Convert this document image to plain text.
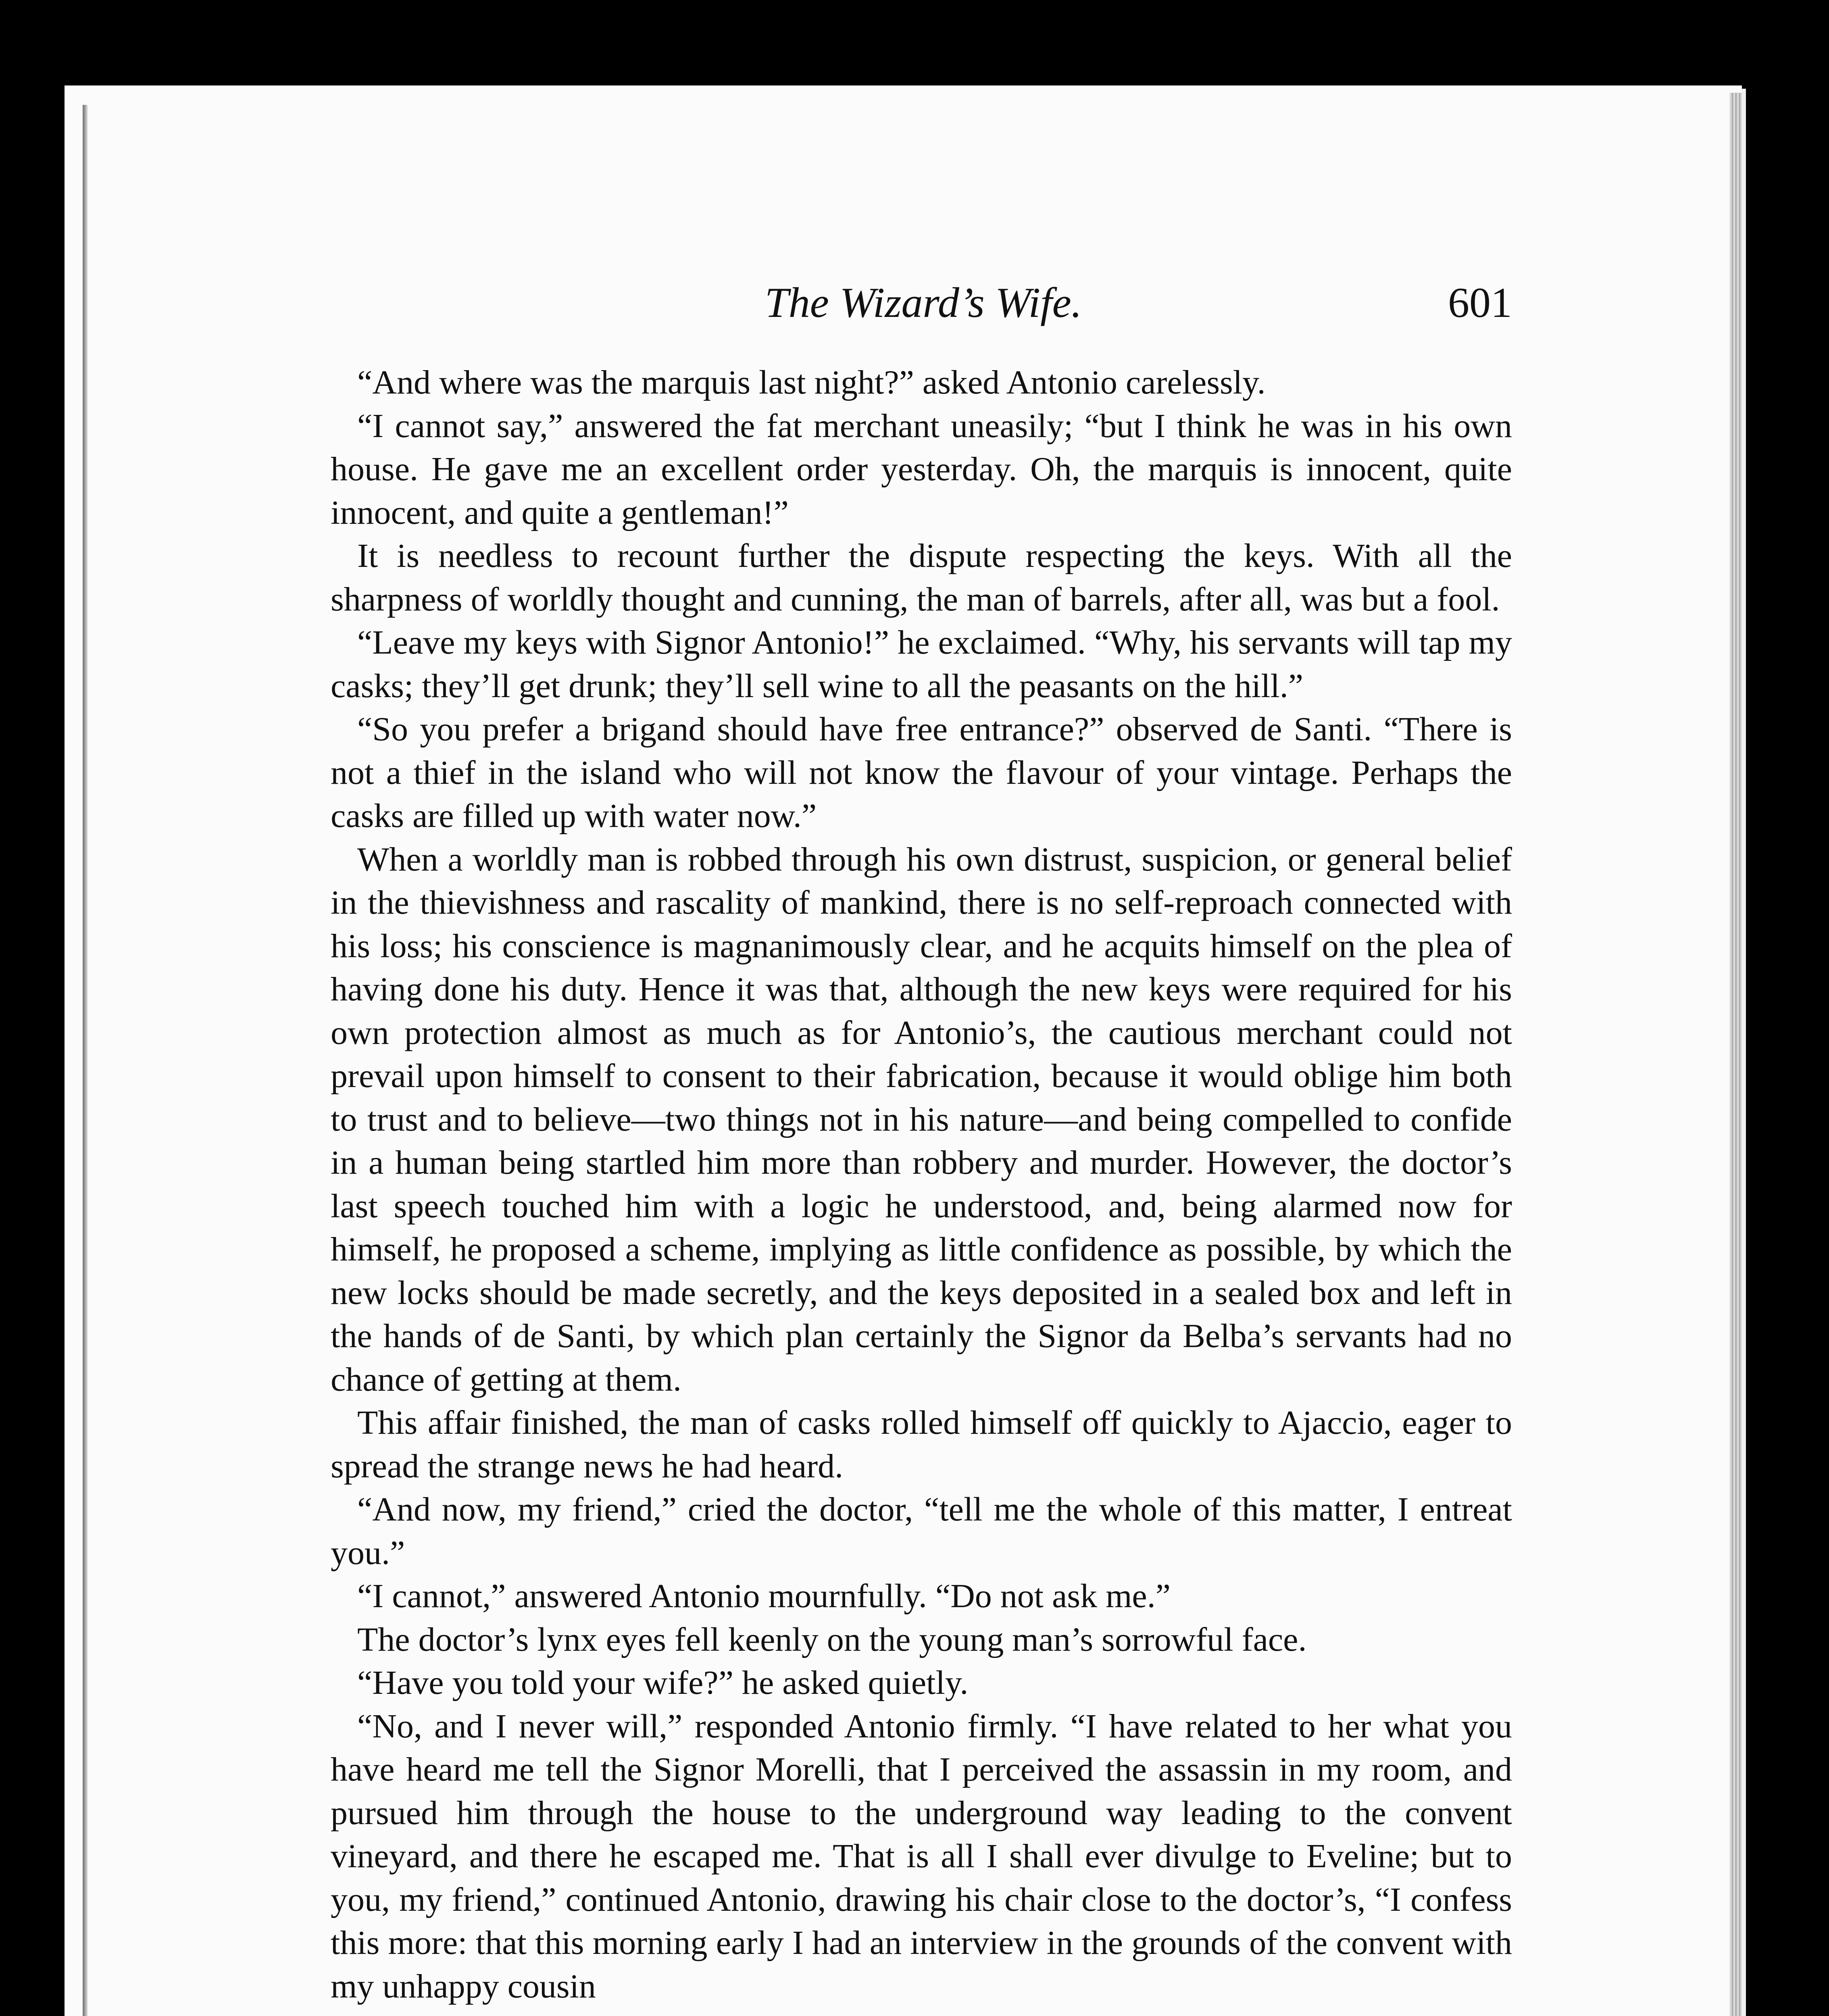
The Wizard’s Wife.	601

“And where was the marquis last night?” asked Antonio carelessly.

“I cannot say,” answered the fat merchant uneasily; “but I think he was in his own house. He gave me an excellent order yesterday. Oh, the marquis is innocent, quite innocent, and quite a gentleman!”

It is needless to recount further the dispute respecting the keys. With all the sharpness of worldly thought and cunning, the man of barrels, after all, was but a fool.

“Leave my keys with Signor Antonio!” he exclaimed. “Why, his servants will tap my casks; they’ll get drunk; they’ll sell wine to all the peasants on the hill.”

“So you prefer a brigand should have free entrance?” observed de Santi. “There is not a thief in the island who will not know the flavour of your vintage. Perhaps the casks are filled up with water now.”

When a worldly man is robbed through his own distrust, suspicion, or general belief in the thievishness and rascality of mankind, there is no self-reproach connected with his loss; his conscience is magnanimously clear, and he acquits himself on the plea of having done his duty. Hence it was that, although the new keys were required for his own protection almost as much as for Antonio’s, the cautious merchant could not prevail upon himself to consent to their fabrication, because it would oblige him both to trust and to believe—two things not in his nature—and being compelled to confide in a human being startled him more than robbery and murder. However, the doctor’s last speech touched him with a logic he understood, and, being alarmed now for himself, he proposed a scheme, implying as little confidence as possible, by which the new locks should be made secretly, and the keys deposited in a sealed box and left in the hands of de Santi, by which plan certainly the Signor da Belba’s servants had no chance of getting at them.

This affair finished, the man of casks rolled himself off quickly to Ajaccio, eager to spread the strange news he had heard.

“And now, my friend,” cried the doctor, “tell me the whole of this matter, I entreat you.”

“I cannot,” answered Antonio mournfully. “Do not ask me.”

The doctor’s lynx eyes fell keenly on the young man’s sorrowful face.

“Have you told your wife?” he asked quietly.

“No, and I never will,” responded Antonio firmly. “I have related to her what you have heard me tell the Signor Morelli, that I perceived the assassin in my room, and pursued him through the house to the underground way leading to the convent vineyard, and there he escaped me. That is all I shall ever divulge to Eveline; but to you, my friend,” continued Antonio, drawing his chair close to the doctor’s, “I confess this more: that this morning early I had an interview in the grounds of the convent with my unhappy cousin
